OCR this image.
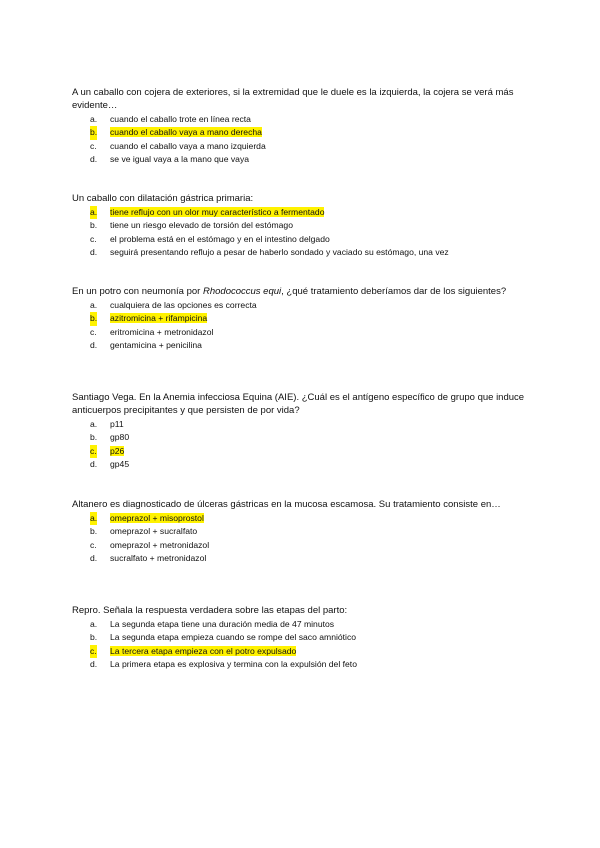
A un caballo con cojera de exteriores, si la extremidad que le duele es la izquierda, la cojera se verá más evidente…

a. cuando el caballo trote en línea recta
b. cuando el caballo vaya a mano derecha
c. cuando el caballo vaya a mano izquierda
d. se ve igual vaya a la mano que vaya

Un caballo con dilatación gástrica primaria:

a. tiene reflujo con un olor muy característico a fermentado
b. tiene un riesgo elevado de torsión del estómago
c. el problema está en el estómago y en el intestino delgado
d. seguirá presentando reflujo a pesar de haberlo sondado y vaciado su estómago, una vez

En un potro con neumonía por Rhodococcus equi, ¿qué tratamiento deberíamos dar de los siguientes?

a. cualquiera de las opciones es correcta
b. azitromicina + rifampicina
c. eritromicina + metronidazol
d. gentamicina + penicilina

Santiago Vega. En la Anemia infecciosa Equina (AIE). ¿Cuál es el antígeno específico de grupo que induce anticuerpos precipitantes y que persisten de por vida?

a. p11
b. gp80
c. p26
d. gp45

Altanero es diagnosticado de úlceras gástricas en la mucosa escamosa. Su tratamiento consiste en…

a. omeprazol + misoprostol
b. omeprazol + sucralfato
c. omeprazol + metronidazol
d. sucralfato + metronidazol

Repro. Señala la respuesta verdadera sobre las etapas del parto:

a. La segunda etapa tiene una duración media de 47 minutos
b. La segunda etapa empieza cuando se rompe del saco amniótico
c. La tercera etapa empieza con el potro expulsado
d. La primera etapa es explosiva y termina con la expulsión del feto
